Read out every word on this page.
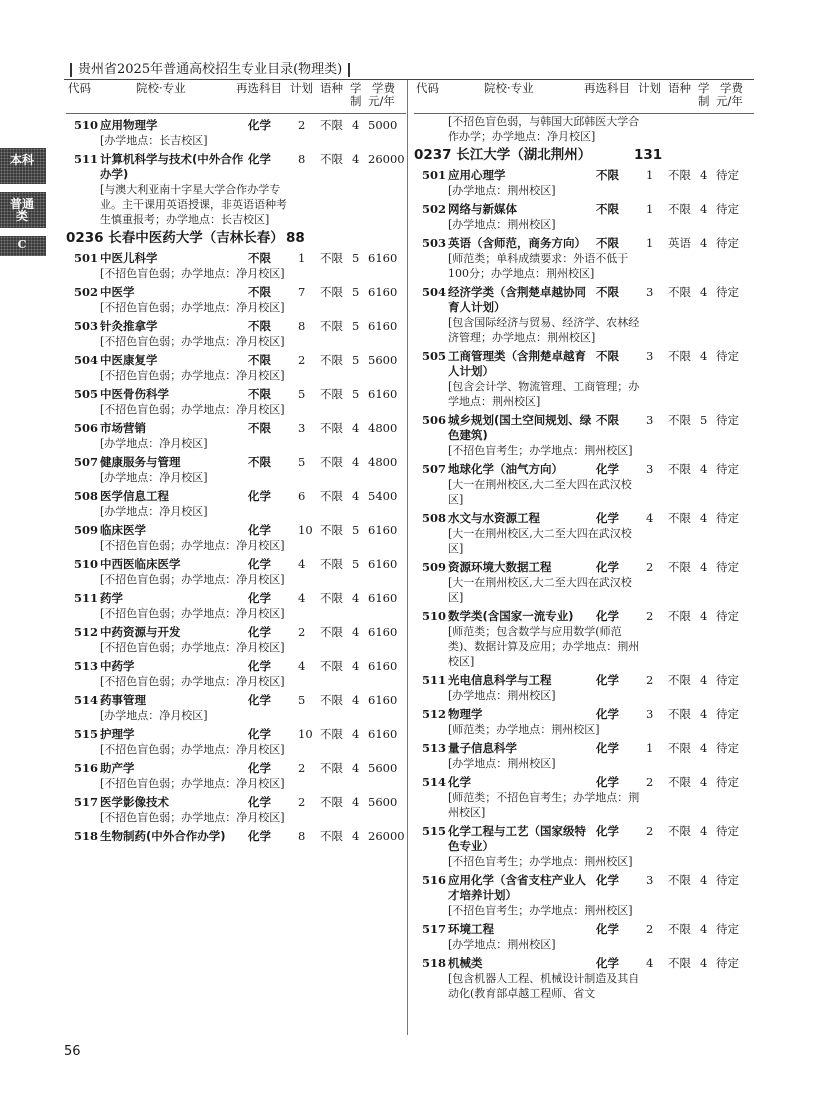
贵州省2025年普通高校招生专业目录(物理类)
本科
普通类
C
代码	院校·专业	再选科目 计划 语种 学
制
学费
元/年
510 应用物理学
[办学地点：长吉校区]
化学 2 不限 4 5000
511 计算机科学与技术(中外合作办学)
[与澳大利亚南十字星大学合作办学专业。主干课用英语授课，非英语语种考生慎重报考；办学地点：长吉校区]
化学 8 不限 4 26000
0236 长春中医药大学（吉林长春） 88
501 中医儿科学
[不招色盲色弱；办学地点：净月校区]
不限 1 不限 5 6160
502 中医学
[不招色盲色弱；办学地点：净月校区]
不限 7 不限 5 6160
503 针灸推拿学
[不招色盲色弱；办学地点：净月校区]
不限 8 不限 5 6160
504 中医康复学
[不招色盲色弱；办学地点：净月校区]
不限 2 不限 5 5600
505 中医骨伤科学
[不招色盲色弱；办学地点：净月校区]
不限 5 不限 5 6160
506 市场营销
[办学地点：净月校区]
不限 3 不限 4 4800
507 健康服务与管理
[办学地点：净月校区]
不限 5 不限 4 4800
508 医学信息工程
[办学地点：净月校区]
化学 6 不限 4 5400
509 临床医学
[不招色盲色弱；办学地点：净月校区]
化学 10 不限 5 6160
510 中西医临床医学
[不招色盲色弱；办学地点：净月校区]
化学 4 不限 5 6160
511 药学
[不招色盲色弱；办学地点：净月校区]
化学 4 不限 4 6160
512 中药资源与开发
[不招色盲色弱；办学地点：净月校区]
化学 2 不限 4 6160
513 中药学
[不招色盲色弱；办学地点：净月校区]
化学 4 不限 4 6160
514 药事管理
[办学地点：净月校区]
化学 5 不限 4 6160
515 护理学
[不招色盲色弱；办学地点：净月校区]
化学 10 不限 4 6160
516 助产学
[不招色盲色弱；办学地点：净月校区]
化学 2 不限 4 5600
517 医学影像技术
[不招色盲色弱；办学地点：净月校区]
化学 2 不限 4 5600
518 生物制药(中外合作办学)	化学 8 不限 4 26000
代码	院校·专业	再选科目 计划 语种 学
制
学费
元/年
[不招色盲色弱，与韩国大邱韩医大学合作办学；办学地点：净月校区]
0237 长江大学（湖北荆州）	131
501 应用心理学
[办学地点：荆州校区]
不限 1 不限 4 待定
502 网络与新媒体
[办学地点：荆州校区]
不限 1 不限 4 待定
503 英语（含师范，商务方向）
[师范类；单科成绩要求：外语不低于100分；办学地点：荆州校区]
不限 1 英语 4 待定
504 经济学类（含荆楚卓越协同育人计划）
[包含国际经济与贸易、经济学、农林经济管理；办学地点：荆州校区]
不限 3 不限 4 待定
505 工商管理类（含荆楚卓越育人计划）
[包含会计学、物流管理、工商管理；办学地点：荆州校区]
不限 3 不限 4 待定
506 城乡规划(国土空间规划、绿色建筑)
[不招色盲考生；办学地点：荆州校区]
不限 3 不限 5 待定
507 地球化学（油气方向）
[大一在荆州校区,大二至大四在武汉校区]
化学 3 不限 4 待定
508 水文与水资源工程
[大一在荆州校区,大二至大四在武汉校区]
化学 4 不限 4 待定
509 资源环境大数据工程
[大一在荆州校区,大二至大四在武汉校区]
化学 2 不限 4 待定
510 数学类(含国家一流专业)
[师范类；包含数学与应用数学(师范类)、数据计算及应用；办学地点：荆州校区]
化学 2 不限 4 待定
511 光电信息科学与工程
[办学地点：荆州校区]
化学 2 不限 4 待定
512 物理学
[师范类；办学地点：荆州校区]
化学 3 不限 4 待定
513 量子信息科学
[办学地点：荆州校区]
化学 1 不限 4 待定
514 化学
[师范类；不招色盲考生；办学地点：荆州校区]
化学 2 不限 4 待定
515 化学工程与工艺（国家级特色专业）
[不招色盲考生；办学地点：荆州校区]
化学 2 不限 4 待定
516 应用化学（含省支柱产业人才培养计划）
[不招色盲考生；办学地点：荆州校区]
化学 3 不限 4 待定
517 环境工程
[办学地点：荆州校区]
化学 2 不限 4 待定
518 机械类
[包含机器人工程、机械设计制造及其自动化(教育部卓越工程师、省文
化学 4 不限 4 待定
56
